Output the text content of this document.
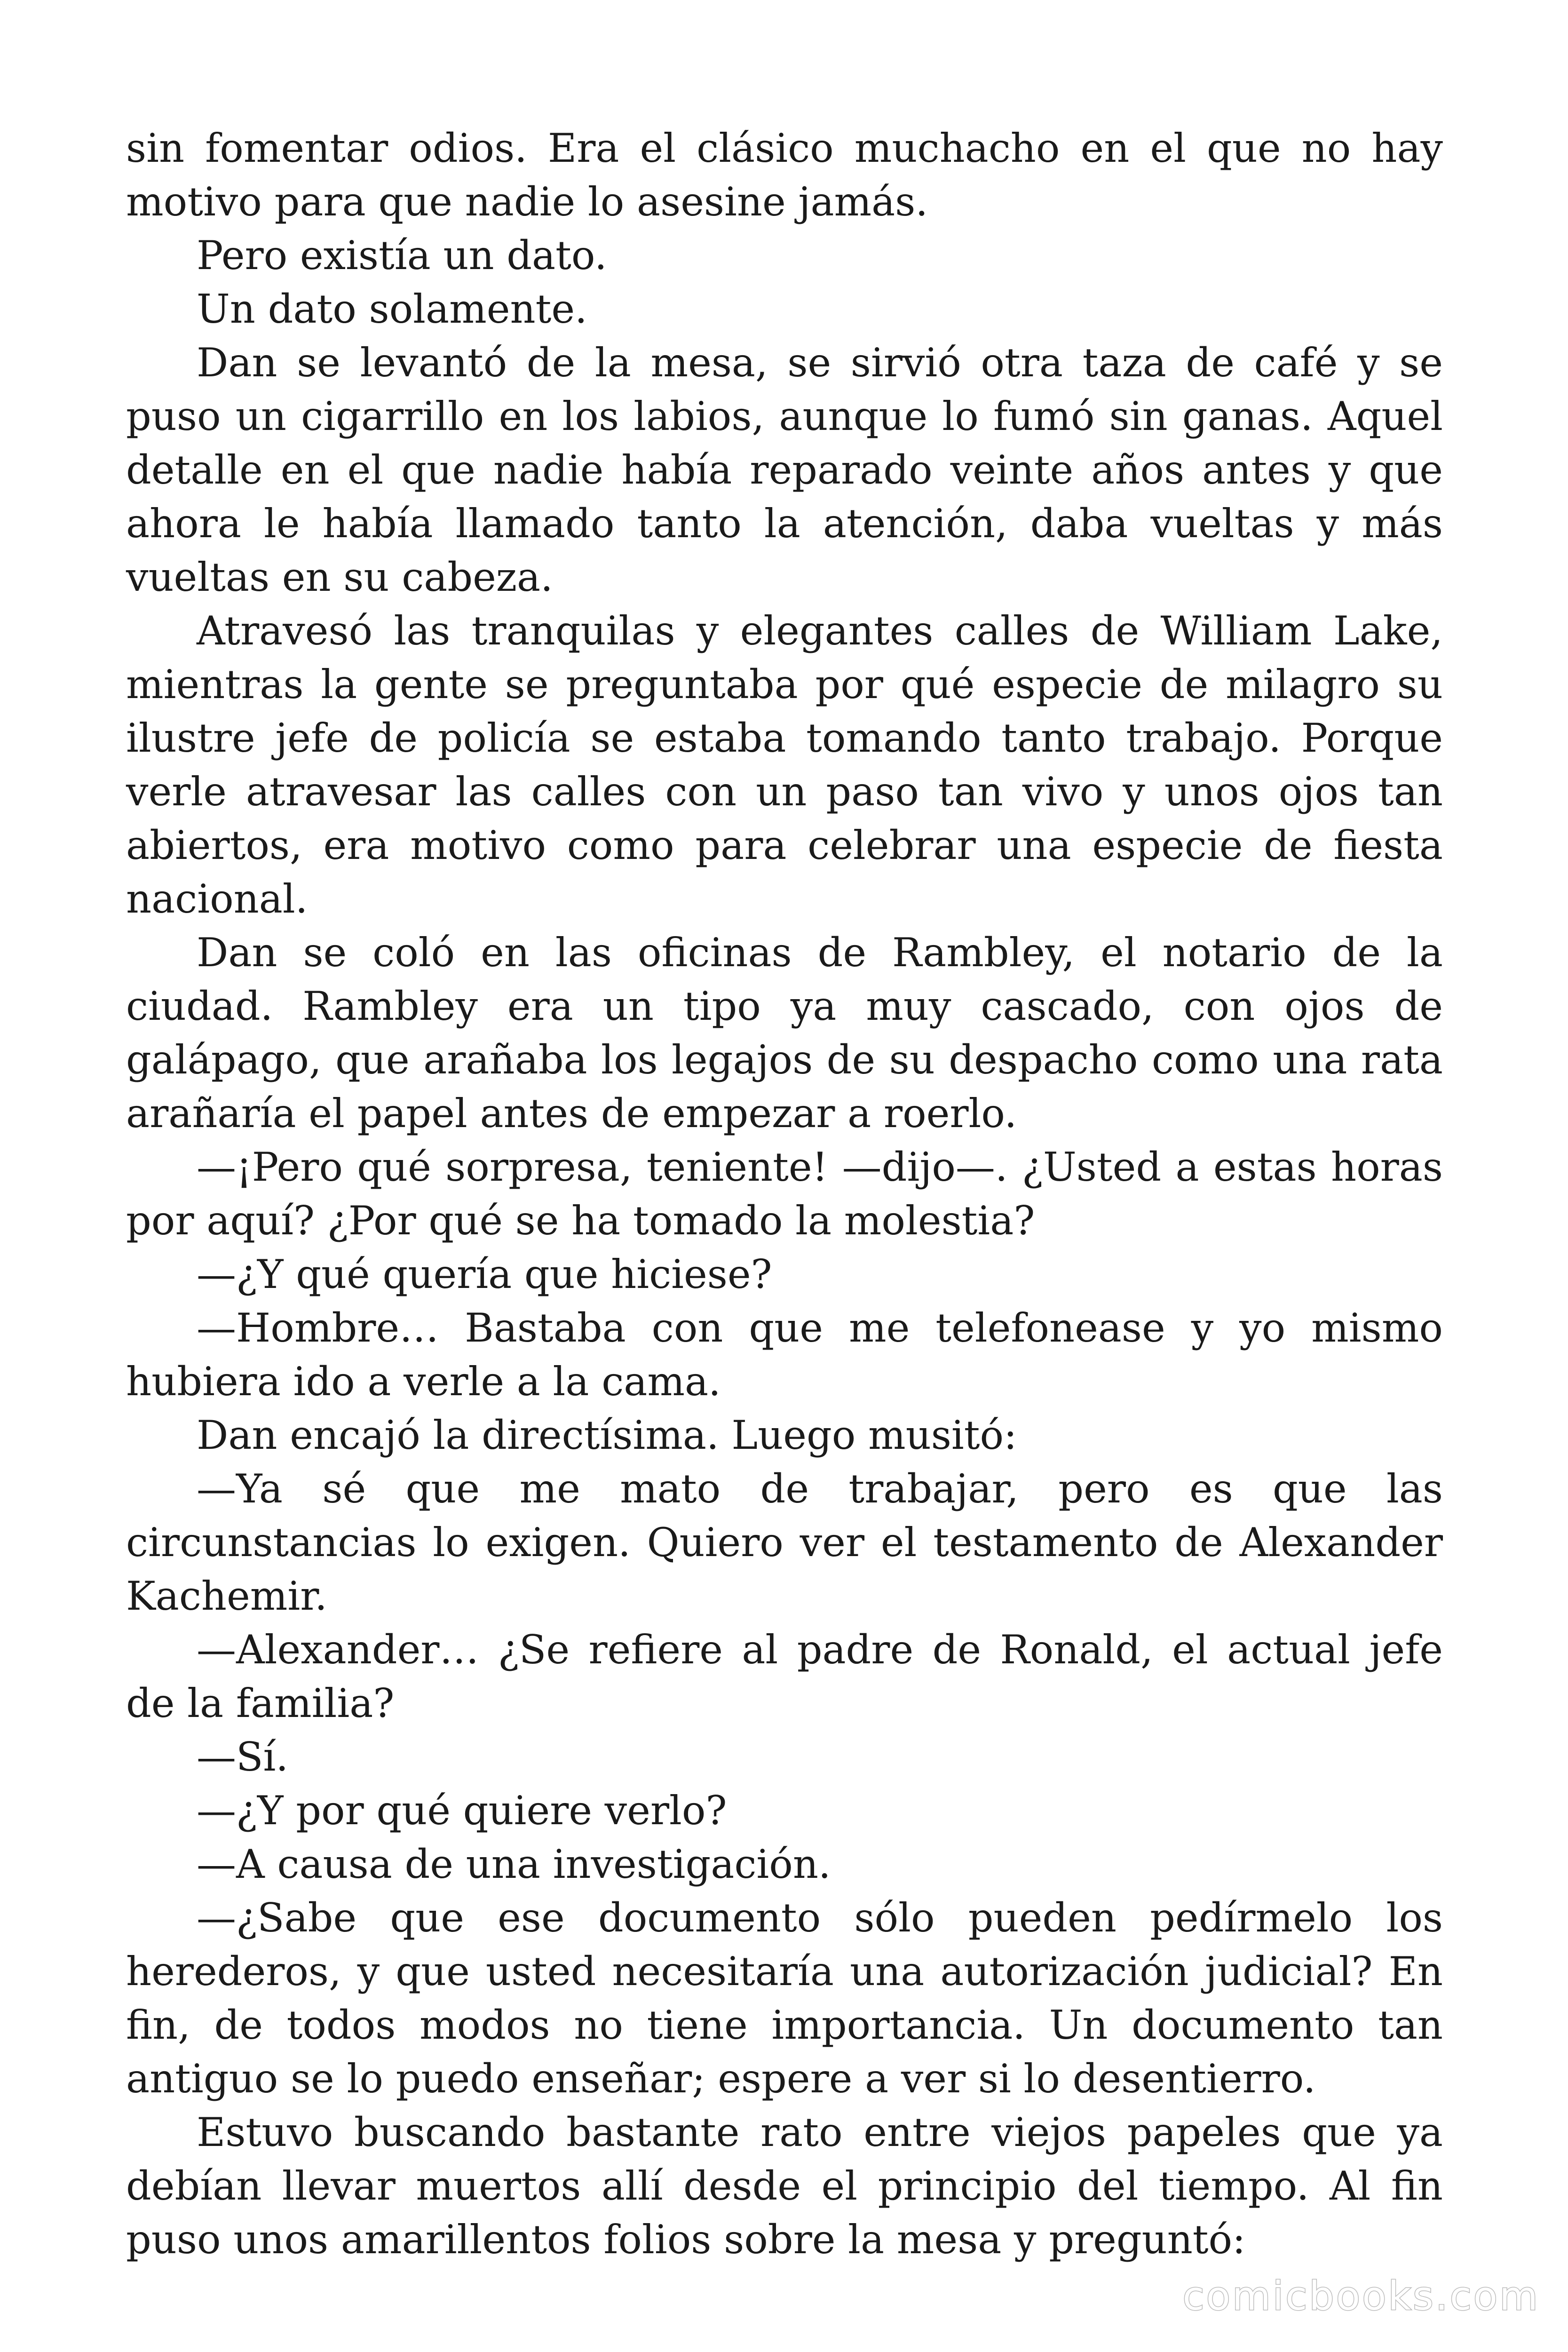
sin fomentar odios. Era el clásico muchacho en el que no hay motivo para que nadie lo asesine jamás.

Pero existía un dato.

Un dato solamente.

Dan se levantó de la mesa, se sirvió otra taza de café y se puso un cigarrillo en los labios, aunque lo fumó sin ganas. Aquel detalle en el que nadie había reparado veinte años antes y que ahora le había llamado tanto la atención, daba vueltas y más vueltas en su cabeza.

Atravesó las tranquilas y elegantes calles de William Lake, mientras la gente se preguntaba por qué especie de milagro su ilustre jefe de policía se estaba tomando tanto trabajo. Porque verle atravesar las calles con un paso tan vivo y unos ojos tan abiertos, era motivo como para celebrar una especie de fiesta nacional.

Dan se coló en las oficinas de Rambley, el notario de la ciudad. Rambley era un tipo ya muy cascado, con ojos de galápago, que arañaba los legajos de su despacho como una rata arañaría el papel antes de empezar a roerlo.

—¡Pero qué sorpresa, teniente! —dijo—. ¿Usted a estas horas por aquí? ¿Por qué se ha tomado la molestia?

—¿Y qué quería que hiciese?

—Hombre… Bastaba con que me telefonease y yo mismo hubiera ido a verle a la cama.

Dan encajó la directísima. Luego musitó:

—Ya sé que me mato de trabajar, pero es que las circunstancias lo exigen. Quiero ver el testamento de Alexander Kachemir.

—Alexander… ¿Se refiere al padre de Ronald, el actual jefe de la familia?

—Sí.

—¿Y por qué quiere verlo?

—A causa de una investigación.

—¿Sabe que ese documento sólo pueden pedírmelo los herederos, y que usted necesitaría una autorización judicial? En fin, de todos modos no tiene importancia. Un documento tan antiguo se lo puedo enseñar; espere a ver si lo desentierro.

Estuvo buscando bastante rato entre viejos papeles que ya debían llevar muertos allí desde el principio del tiempo. Al fin puso unos amarillentos folios sobre la mesa y preguntó:

comicbooks.com
